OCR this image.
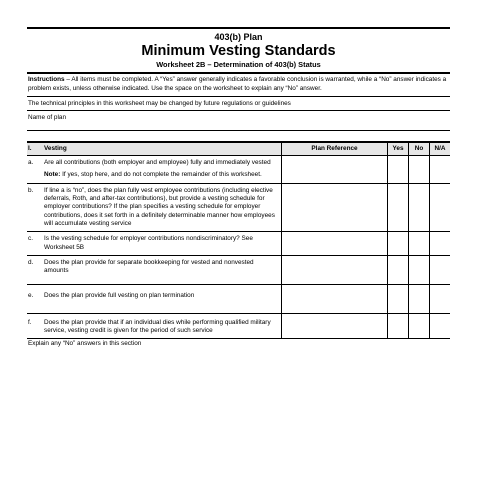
403(b) Plan
Minimum Vesting Standards
Worksheet 2B – Determination of 403(b) Status
Instructions – All items must be completed. A “Yes” answer generally indicates a favorable conclusion is warranted, while a “No” answer indicates a problem exists, unless otherwise indicated. Use the space on the worksheet to explain any “No” answer.
The technical principles in this worksheet may be changed by future regulations or guidelines
Name of plan
I.	Vesting	Plan Reference	Yes	No	N/A
a.	Are all contributions (both employer and employee) fully and immediately vested
Note: If yes, stop here, and do not complete the remainder of this worksheet.				

b.	If line a is “no”, does the plan fully vest employee contributions (including elective deferrals, Roth, and after-tax contributions), but provide a vesting schedule for employer contributions? If the plan specifies a vesting schedule for employer contributions, does it set forth in a definitely determinable manner how employees will accumulate vesting service				
c.	Is the vesting schedule for employer contributions nondiscriminatory? See Worksheet 5B				
d.	Does the plan provide for separate bookkeeping for vested and nonvested amounts				
e.	Does the plan provide full vesting on plan termination				
f.	Does the plan provide that if an individual dies while performing qualified military service, vesting credit is given for the period of such service				
Explain any “No” answers in this section
